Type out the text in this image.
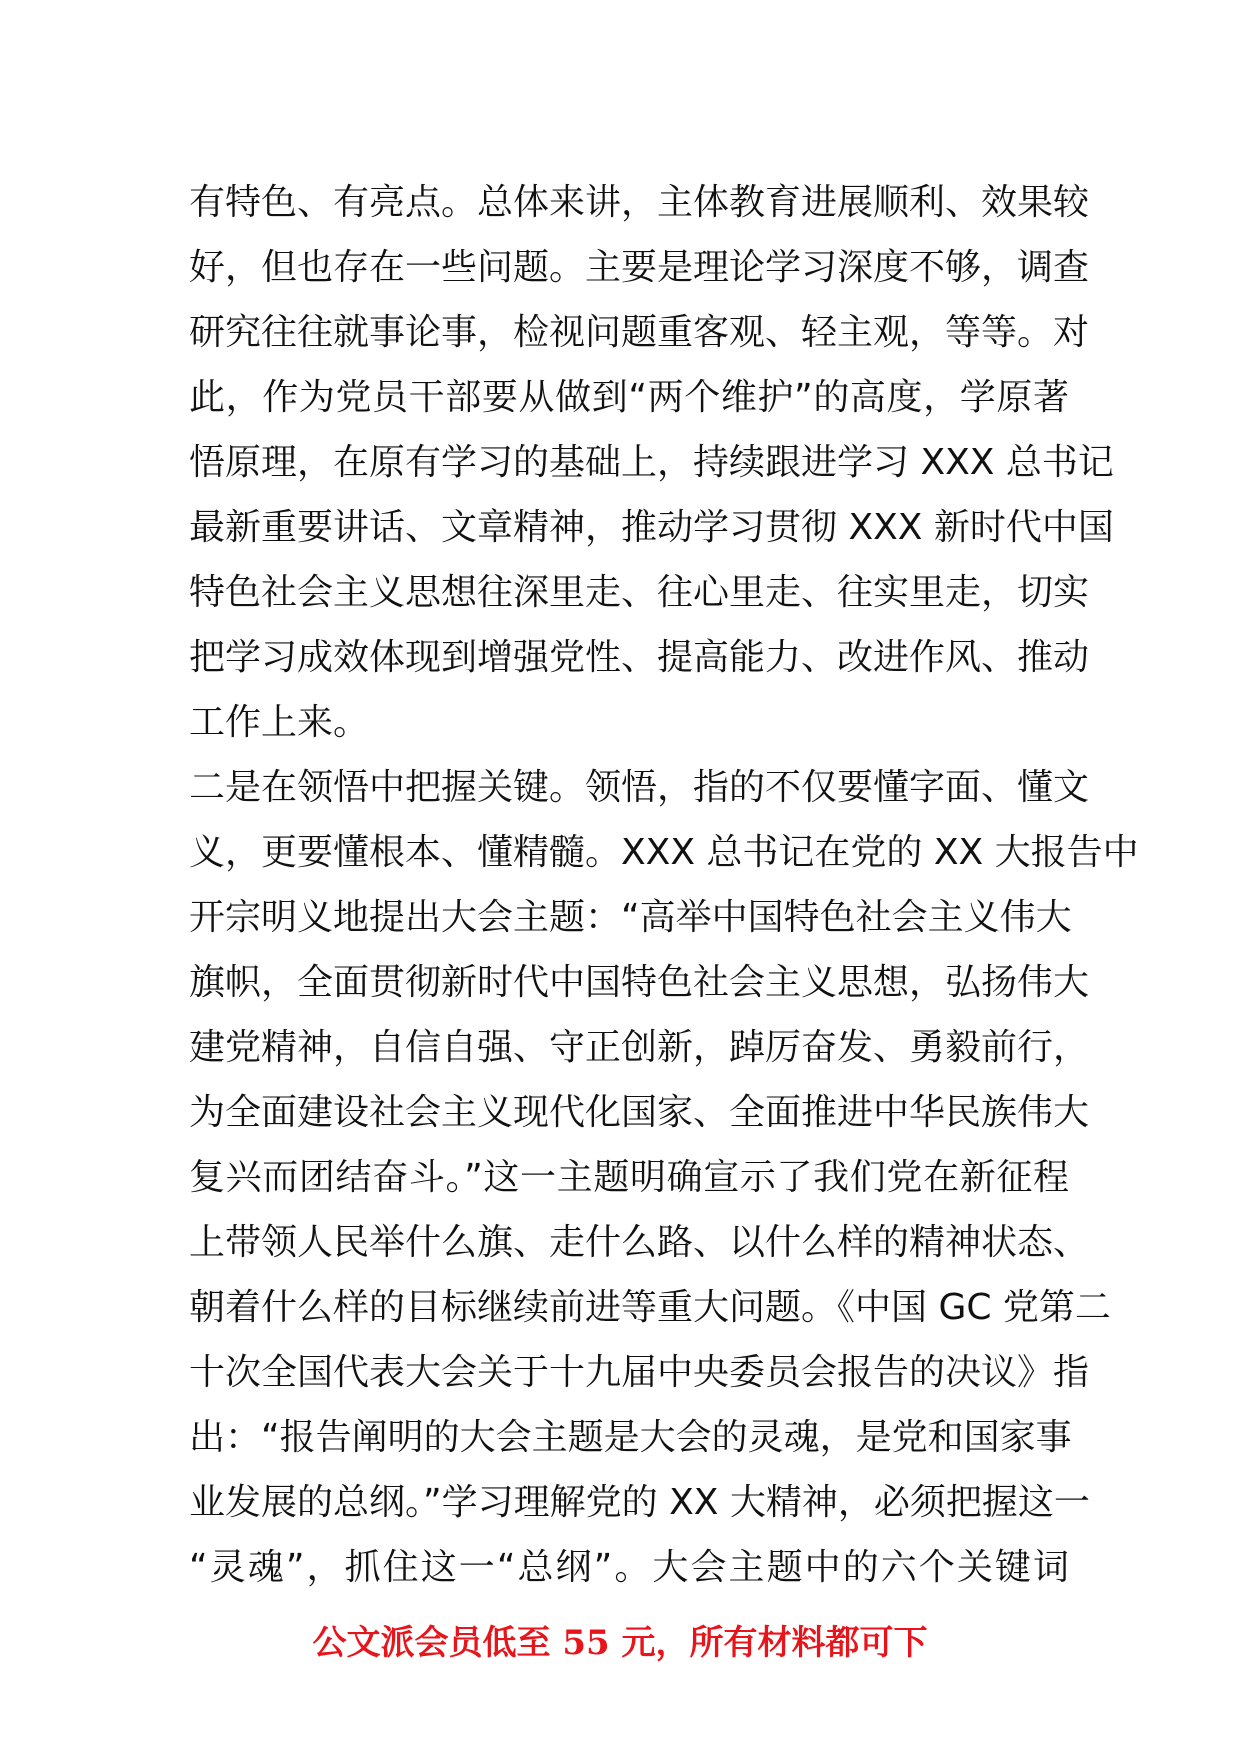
有特色、有亮点。总体来讲，主体教育进展顺利、效果较
好，但也存在一些问题。主要是理论学习深度不够，调查
研究往往就事论事，检视问题重客观、轻主观，等等。对
此，作为党员干部要从做到“两个维护”的高度，学原著
悟原理，在原有学习的基础上，持续跟进学习 XXX 总书记
最新重要讲话、文章精神，推动学习贯彻 XXX 新时代中国
特色社会主义思想往深里走、往心里走、往实里走，切实
把学习成效体现到增强党性、提高能力、改进作风、推动
工作上来。
二是在领悟中把握关键。领悟，指的不仅要懂字面、懂文
义，更要懂根本、懂精髓。XXX 总书记在党的 XX 大报告中
开宗明义地提出大会主题：“高举中国特色社会主义伟大
旗帜，全面贯彻新时代中国特色社会主义思想，弘扬伟大
建党精神，自信自强、守正创新，踔厉奋发、勇毅前行，
为全面建设社会主义现代化国家、全面推进中华民族伟大
复兴而团结奋斗。”这一主题明确宣示了我们党在新征程
上带领人民举什么旗、走什么路、以什么样的精神状态、
朝着什么样的目标继续前进等重大问题。《中国 GC 党第二
十次全国代表大会关于十九届中央委员会报告的决议》指
出：“报告阐明的大会主题是大会的灵魂，是党和国家事
业发展的总纲。”学习理解党的 XX 大精神，必须把握这一
“灵魂”，抓住这一“总纲”。大会主题中的六个关键词
公文派会员低至 55 元，所有材料都可下
